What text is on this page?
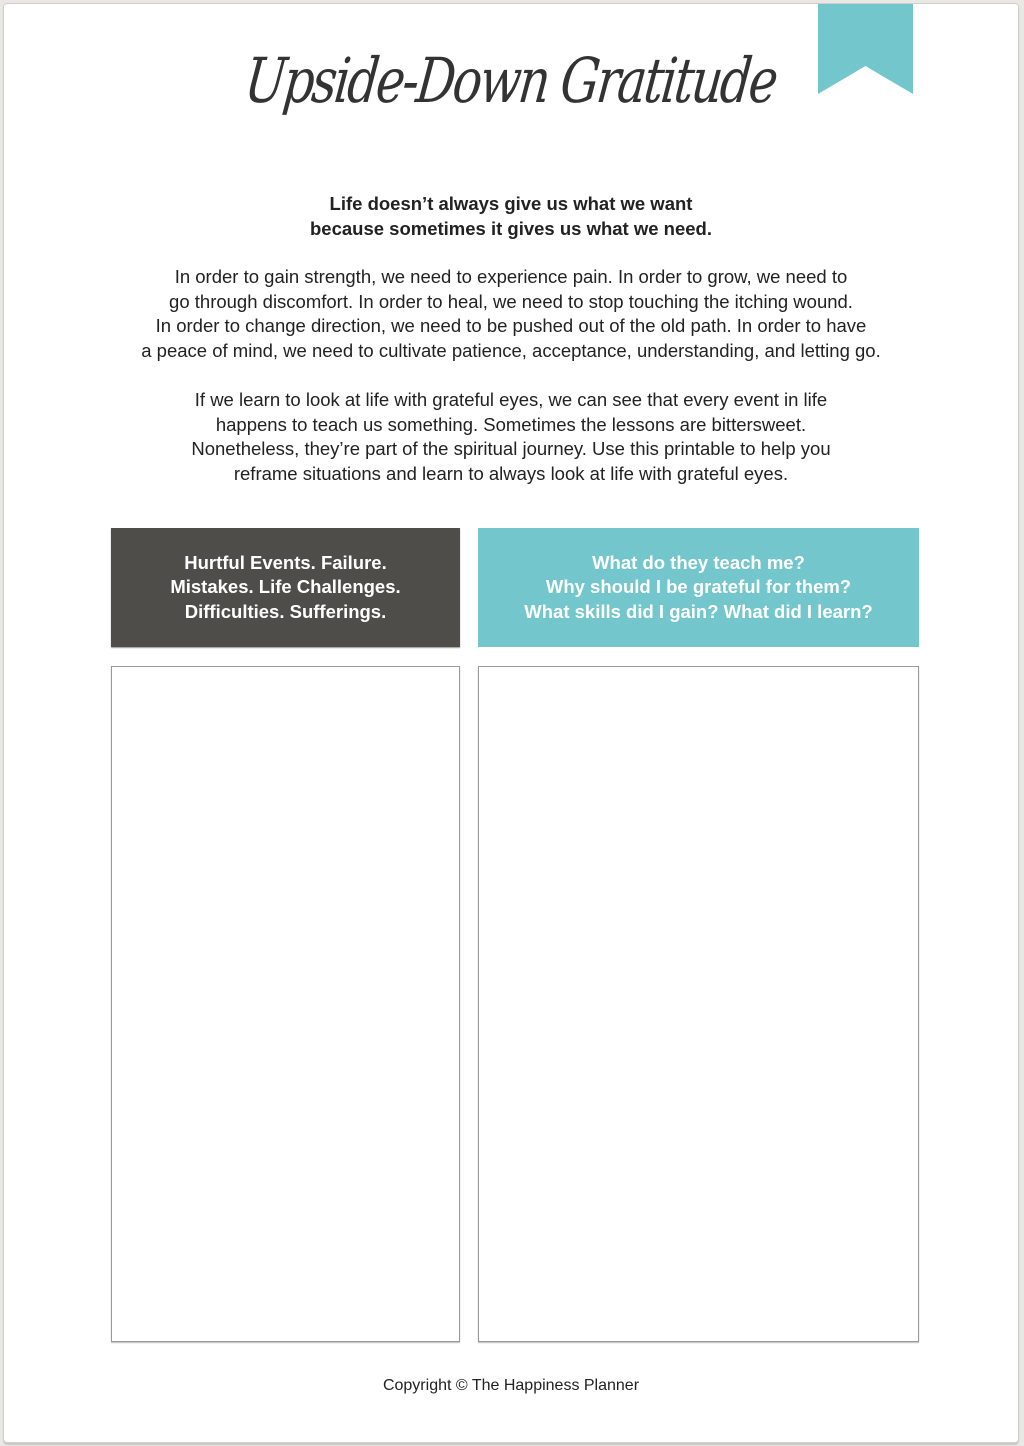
Upside-Down Gratitude
Life doesn’t always give us what we want
because sometimes it gives us what we need.
In order to gain strength, we need to experience pain. In order to grow, we need to
go through discomfort. In order to heal, we need to stop touching the itching wound.
In order to change direction, we need to be pushed out of the old path. In order to have
a peace of mind, we need to cultivate patience, acceptance, understanding, and letting go.
If we learn to look at life with grateful eyes, we can see that every event in life
happens to teach us something. Sometimes the lessons are bittersweet.
Nonetheless, they’re part of the spiritual journey. Use this printable to help you
reframe situations and learn to always look at life with grateful eyes.
Hurtful Events. Failure.
Mistakes. Life Challenges.
Difficulties. Sufferings.
What do they teach me?
Why should I be grateful for them?
What skills did I gain? What did I learn?
Copyright © The Happiness Planner
